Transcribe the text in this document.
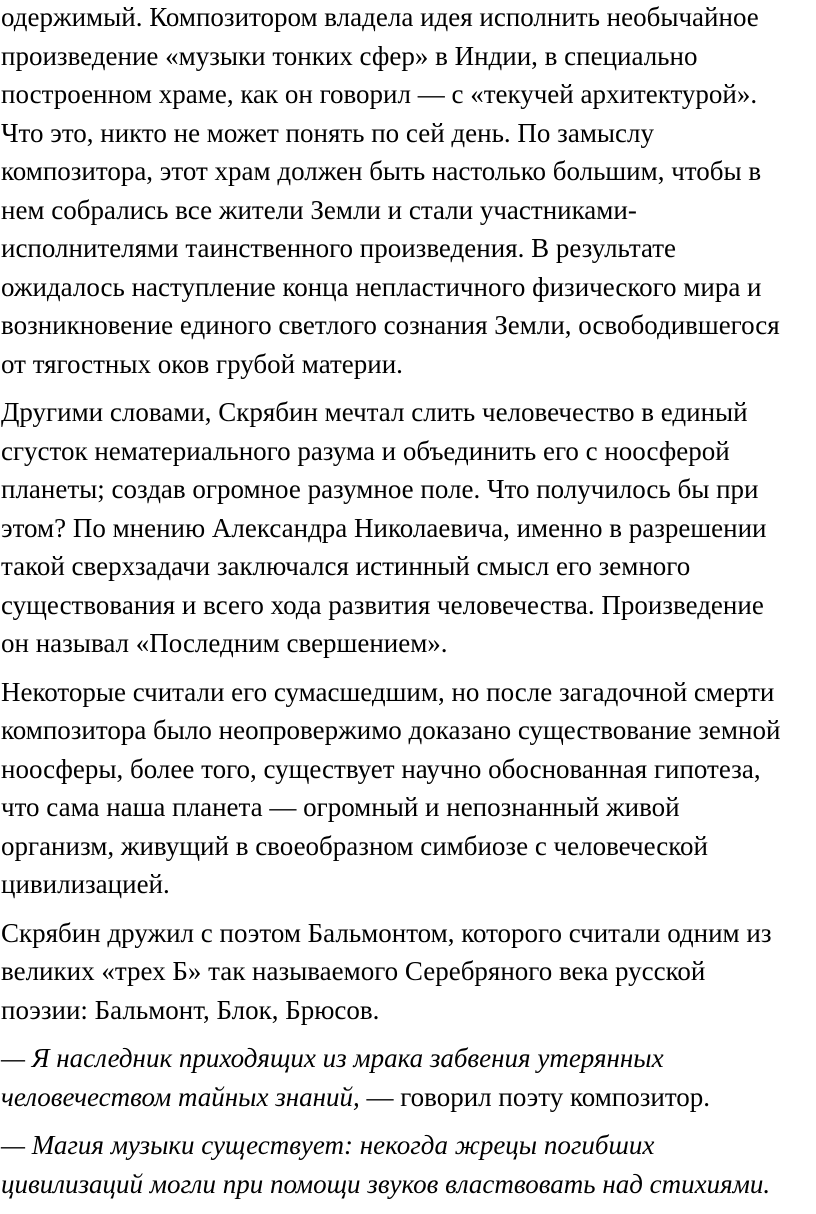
одержимый. Композитором владела идея исполнить необычайное
произведение «музыки тонких сфер» в Индии, в специально
построенном храме, как он говорил — с «текучей архитектурой».
Что это, никто не может понять по сей день. По замыслу
композитора, этот храм должен быть настолько большим, чтобы в
нем собрались все жители Земли и стали участниками-
исполнителями таинственного произведения. В результате
ожидалось наступление конца непластичного физического мира и
возникновение единого светлого сознания Земли, освободившегося
от тягостных оков грубой материи.

Другими словами, Скрябин мечтал слить человечество в единый
сгусток нематериального разума и объединить его с ноосферой
планеты; создав огромное разумное поле. Что получилось бы при
этом? По мнению Александра Николаевича, именно в разрешении
такой сверхзадачи заключался истинный смысл его земного
существования и всего хода развития человечества. Произведение
он называл «Последним свершением».

Некоторые считали его сумасшедшим, но после загадочной смерти
композитора было неопровержимо доказано существование земной
ноосферы, более того, существует научно обоснованная гипотеза,
что сама наша планета — огромный и непознанный живой
организм, живущий в своеобразном симбиозе с человеческой
цивилизацией.

Скрябин дружил с поэтом Бальмонтом, которого считали одним из
великих «трех Б» так называемого Серебряного века русской
поэзии: Бальмонт, Блок, Брюсов.

— Я наследник приходящих из мрака забвения утерянных
человечеством тайных знаний, — говорил поэту композитор.

— Магия музыки существует: некогда жрецы погибших
цивилизаций могли при помощи звуков властвовать над стихиями.
